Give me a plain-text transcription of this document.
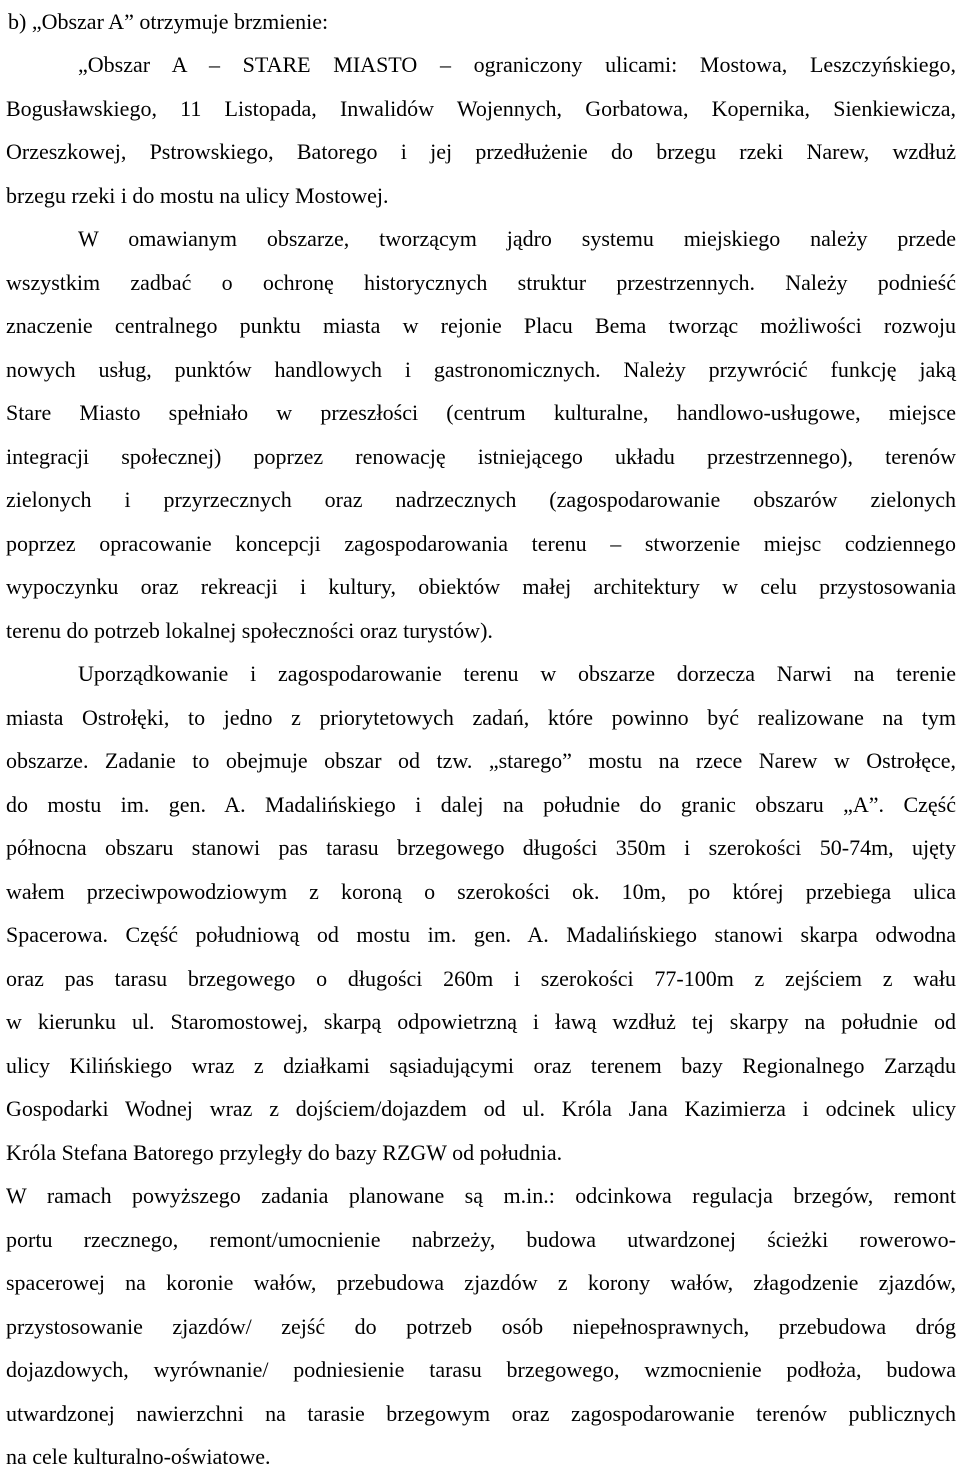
b) „Obszar A” otrzymuje brzmienie:

„Obszar A – STARE MIASTO – ograniczony ulicami: Mostowa, Leszczyńskiego,

Bogusławskiego, 11 Listopada, Inwalidów Wojennych, Gorbatowa, Kopernika, Sienkiewicza,

Orzeszkowej, Pstrowskiego, Batorego i jej przedłużenie do brzegu rzeki Narew, wzdłuż

brzegu rzeki i do mostu na ulicy Mostowej.

W omawianym obszarze, tworzącym jądro systemu miejskiego należy przede

wszystkim zadbać o ochronę historycznych struktur przestrzennych. Należy podnieść

znaczenie centralnego punktu miasta w rejonie Placu Bema tworząc możliwości rozwoju

nowych usług, punktów handlowych i gastronomicznych. Należy przywrócić funkcję jaką

Stare Miasto spełniało w przeszłości (centrum kulturalne, handlowo-usługowe, miejsce

integracji społecznej) poprzez renowację istniejącego układu przestrzennego), terenów

zielonych i przyrzecznych oraz nadrzecznych (zagospodarowanie obszarów zielonych

poprzez opracowanie koncepcji zagospodarowania terenu – stworzenie miejsc codziennego

wypoczynku oraz rekreacji i kultury, obiektów małej architektury w celu przystosowania

terenu do potrzeb lokalnej społeczności oraz turystów).

Uporządkowanie i zagospodarowanie terenu w obszarze dorzecza Narwi na terenie

miasta Ostrołęki, to jedno z priorytetowych zadań, które powinno być realizowane na tym

obszarze. Zadanie to obejmuje obszar od tzw. „starego” mostu na rzece Narew w Ostrołęce,

do mostu im. gen. A. Madalińskiego i dalej na południe do granic obszaru „A”. Część

północna obszaru stanowi pas tarasu brzegowego długości 350m i szerokości 50-74m, ujęty

wałem przeciwpowodziowym z koroną o szerokości ok. 10m, po której przebiega ulica

Spacerowa. Część południową od mostu im. gen. A. Madalińskiego stanowi skarpa odwodna

oraz pas tarasu brzegowego o długości 260m i szerokości 77-100m z zejściem z wału

w kierunku ul. Staromostowej, skarpą odpowietrzną i ławą wzdłuż tej skarpy na południe od

ulicy Kilińskiego wraz z działkami sąsiadującymi oraz terenem bazy Regionalnego Zarządu

Gospodarki Wodnej wraz z dojściem/dojazdem od ul. Króla Jana Kazimierza i odcinek ulicy

Króla Stefana Batorego przyległy do bazy RZGW od południa.

W ramach powyższego zadania planowane są m.in.: odcinkowa regulacja brzegów, remont

portu rzecznego, remont/umocnienie nabrzeży, budowa utwardzonej ścieżki rowerowo-

spacerowej na koronie wałów, przebudowa zjazdów z korony wałów, złagodzenie zjazdów,

przystosowanie zjazdów/ zejść do potrzeb osób niepełnosprawnych, przebudowa dróg

dojazdowych, wyrównanie/ podniesienie tarasu brzegowego, wzmocnienie podłoża, budowa

utwardzonej nawierzchni na tarasie brzegowym oraz zagospodarowanie terenów publicznych

na cele kulturalno-oświatowe.
